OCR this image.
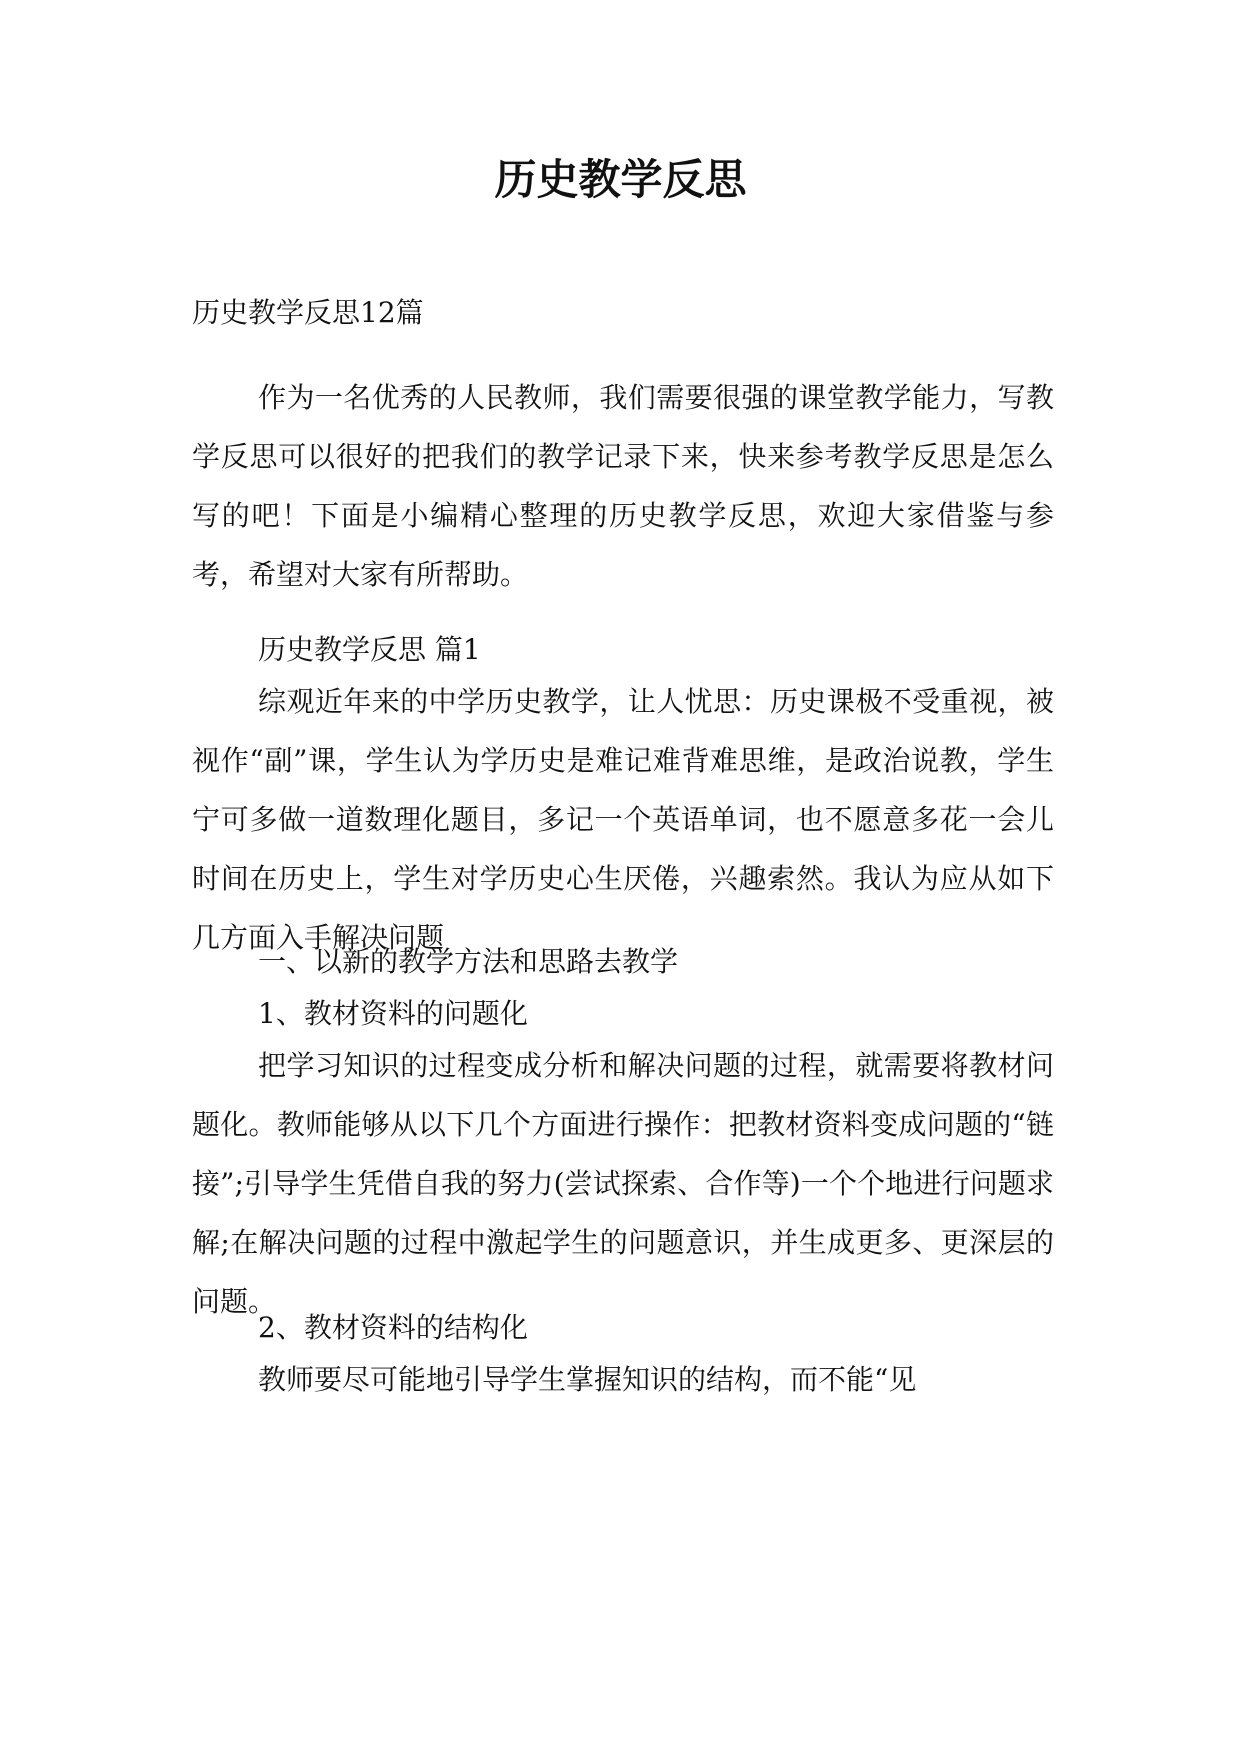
历史教学反思

历史教学反思12篇

作为一名优秀的人民教师，我们需要很强的课堂教学能力，写教学反思可以很好的把我们的教学记录下来，快来参考教学反思是怎么写的吧！下面是小编精心整理的历史教学反思，欢迎大家借鉴与参考，希望对大家有所帮助。

历史教学反思 篇1

综观近年来的中学历史教学，让人忧思：历史课极不受重视，被视作“副”课，学生认为学历史是难记难背难思维，是政治说教，学生宁可多做一道数理化题目，多记一个英语单词，也不愿意多花一会儿时间在历史上，学生对学历史心生厌倦，兴趣索然。我认为应从如下几方面入手解决问题

一、以新的教学方法和思路去教学

1、教材资料的问题化

把学习知识的过程变成分析和解决问题的过程，就需要将教材问题化。教师能够从以下几个方面进行操作：把教材资料变成问题的“链接”;引导学生凭借自我的努力(尝试探索、合作等)一个个地进行问题求解;在解决问题的过程中激起学生的问题意识，并生成更多、更深层的问题。

2、教材资料的结构化

教师要尽可能地引导学生掌握知识的结构，而不能“见
